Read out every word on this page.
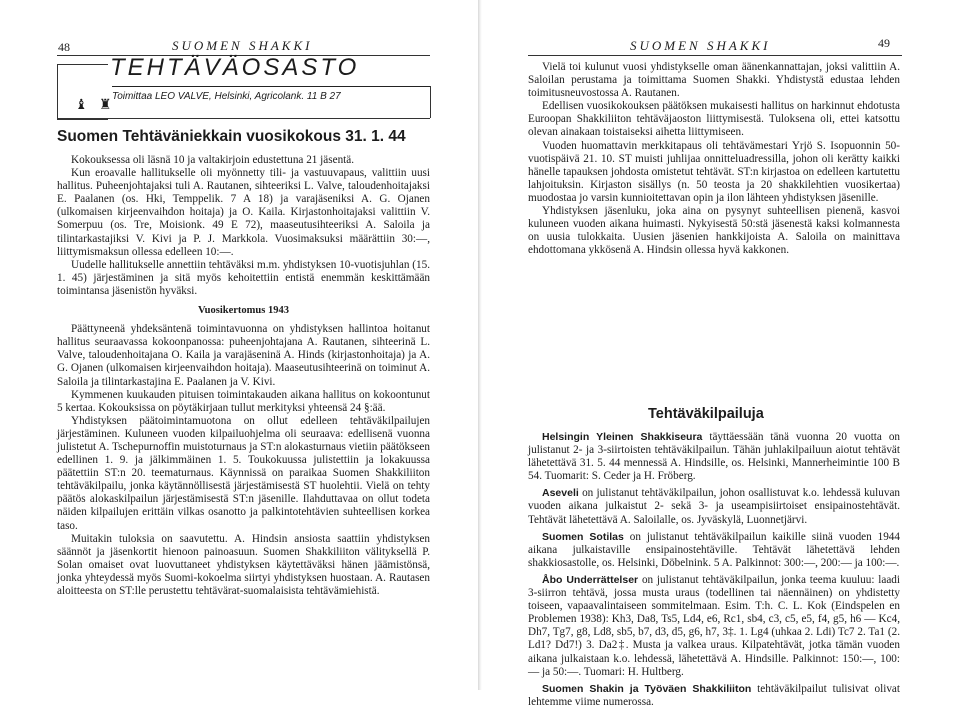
48	SUOMEN SHAKKI
TEHTÄVÄOSASTO
♝ ♜
Toimittaa LEO VALVE, Helsinki, Agricolank. 11 B 27
Suomen Tehtäväniekkain vuosikokous 31. 1. 44

Kokouksessa oli läsnä 10 ja valtakirjoin edustettuna 21 jäsentä.

Kun eroavalle hallitukselle oli myönnetty tili- ja vastuuvapaus, valittiin uusi hallitus. Puheenjohtajaksi tuli A. Rautanen, sihteeriksi L. Valve, taloudenhoitajaksi E. Paalanen (os. Hki, Temppelik. 7 A 18) ja varajäseniksi A. G. Ojanen (ulkomaisen kirjeenvaihdon hoitaja) ja O. Kaila. Kirjastonhoitajaksi valittiin V. Somerpuu (os. Tre, Moisionk. 49 E 72), maaseutusihteeriksi A. Saloila ja tilintarkastajiksi V. Kivi ja P. J. Markkola. Vuosimaksuksi määrättiin 30:—, liittymismaksun ollessa edelleen 10:—.

Uudelle hallitukselle annettiin tehtäväksi m.m. yhdistyksen 10-vuotisjuhlan (15. 1. 45) järjestäminen ja sitä myös kehoitettiin entistä enemmän keskittämään toimintansa jäsenistön hyväksi.

Vuosikertomus 1943

Päättyneenä yhdeksäntenä toimintavuonna on yhdistyksen hallintoa hoitanut hallitus seuraavassa kokoonpanossa: puheenjohtajana A. Rautanen, sihteerinä L. Valve, taloudenhoitajana O. Kaila ja varajäseninä A. Hinds (kirjastonhoitaja) ja A. G. Ojanen (ulkomaisen kirjeenvaihdon hoitaja). Maaseutusihteerinä on toiminut A. Saloila ja tilintarkastajina E. Paalanen ja V. Kivi.

Kymmenen kuukauden pituisen toimintakauden aikana hallitus on kokoontunut 5 kertaa. Kokouksissa on pöytäkirjaan tullut merkityksi yhteensä 24 §:ää.

Yhdistyksen päätoimintamuotona on ollut edelleen tehtäväkilpailujen järjestäminen. Kuluneen vuoden kilpailuohjelma oli seuraava: edellisenä vuonna julistetut A. Tschepurnoffin muistoturnaus ja ST:n alokasturnaus vietiin päätökseen edellinen 1. 9. ja jälkimmäinen 1. 5. Toukokuussa julistettiin ja lokakuussa päätettiin ST:n 20. teematurnaus. Käynnissä on paraikaa Suomen Shakkiliiton tehtäväkilpailu, jonka käytännöllisestä järjestämisestä ST huolehtii. Vielä on tehty päätös alokaskilpailun järjestämisestä ST:n jäsenille. Ilahduttavaa on ollut todeta näiden kilpailujen erittäin vilkas osanotto ja palkintotehtävien suhteellisen korkea taso.

Muitakin tuloksia on saavutettu. A. Hindsin ansiosta saattiin yhdistyksen säännöt ja jäsenkortit hienoon painoasuun. Suomen Shakkiliiton välityksellä P. Solan omaiset ovat luovuttaneet yhdistyksen käytettäväksi hänen jäämistönsä, jonka yhteydessä myös Suomi-kokoelma siirtyi yhdistyksen huostaan. A. Rautasen aloitteesta on ST:lle perustettu tehtävärat-suomalaisista tehtävämiehistä.

SUOMEN SHAKKI	49

Vielä toi kulunut vuosi yhdistykselle oman äänenkannattajan, joksi valittiin A. Saloilan perustama ja toimittama Suomen Shakki. Yhdistystä edustaa lehden toimitusneuvostossa A. Rautanen.

Edellisen vuosikokouksen päätöksen mukaisesti hallitus on harkinnut ehdotusta Euroopan Shakkiliiton tehtäväjaoston liittymisestä. Tuloksena oli, ettei katsottu olevan ainakaan toistaiseksi aihetta liittymiseen.

Vuoden huomattavin merkkitapaus oli tehtävämestari Yrjö S. Isopuonnin 50-vuotispäivä 21. 10. ST muisti juhlijaa onnitteluadressilla, johon oli kerätty kaikki hänelle tapauksen johdosta omistetut tehtävät. ST:n kirjastoa on edelleen kartutettu lahjoituksin. Kirjaston sisällys (n. 50 teosta ja 20 shakkilehtien vuosikertaa) muodostaa jo varsin kunnioitettavan opin ja ilon lähteen yhdistyksen jäsenille.

Yhdistyksen jäsenluku, joka aina on pysynyt suhteellisen pienenä, kasvoi kuluneen vuoden aikana huimasti. Nykyisestä 50:stä jäsenestä kaksi kolmannesta on uusia tulokkaita. Uusien jäsenien hankkijoista A. Saloila on mainittava ehdottomana ykkösenä A. Hindsin ollessa hyvä kakkonen.

Tehtäväkilpailuja

Helsingin Yleinen Shakkiseura täyttäessään tänä vuonna 20 vuotta on julistanut 2- ja 3-siirtoisten tehtäväkilpailun. Tähän juhlakilpailuun aiotut tehtävät lähetettävä 31. 5. 44 mennessä A. Hindsille, os. Helsinki, Mannerheimintie 100 B 54. Tuomarit: S. Ceder ja H. Fröberg.

Aseveli on julistanut tehtäväkilpailun, johon osallistuvat k.o. lehdessä kuluvan vuoden aikana julkaistut 2- sekä 3- ja useampisiirtoiset ensipainostehtävät. Tehtävät lähetettävä A. Saloilalle, os. Jyväskylä, Luonnetjärvi.

Suomen Sotilas on julistanut tehtäväkilpailun kaikille siinä vuoden 1944 aikana julkaistaville ensipainostehtäville. Tehtävät lähetettävä lehden shakkiosastolle, os. Helsinki, Döbelnink. 5 A. Palkinnot: 300:—, 200:— ja 100:—.

Åbo Underrättelser on julistanut tehtäväkilpailun, jonka teema kuuluu: laadi 3-siirron tehtävä, jossa musta uraus (todellinen tai näennäinen) on yhdistetty toiseen, vapaavalintaiseen sommitelmaan. Esim. T:h. C. L. Kok (Eindspelen en Problemen 1938): Kh3, Da8, Ts5, Ld4, e6, Rc1, sb4, c3, c5, e5, f4, g5, h6 — Kc4, Dh7, Tg7, g8, Ld8, sb5, b7, d3, d5, g6, h7, 3‡. 1. Lg4 (uhkaa 2. Ldi) Tc7 2. Ta1 (2. Ld1? Dd7!) 3. Da2‡. Musta ja valkea uraus. Kilpatehtävät, jotka tämän vuoden aikana julkaistaan k.o. lehdessä, lähetettävä A. Hindsille. Palkinnot: 150:—, 100:— ja 50:—. Tuomari: H. Hultberg.

Suomen Shakin ja Työväen Shakkiliiton tehtäväkilpailut tulisivat olivat lehtemme viime numerossa.
